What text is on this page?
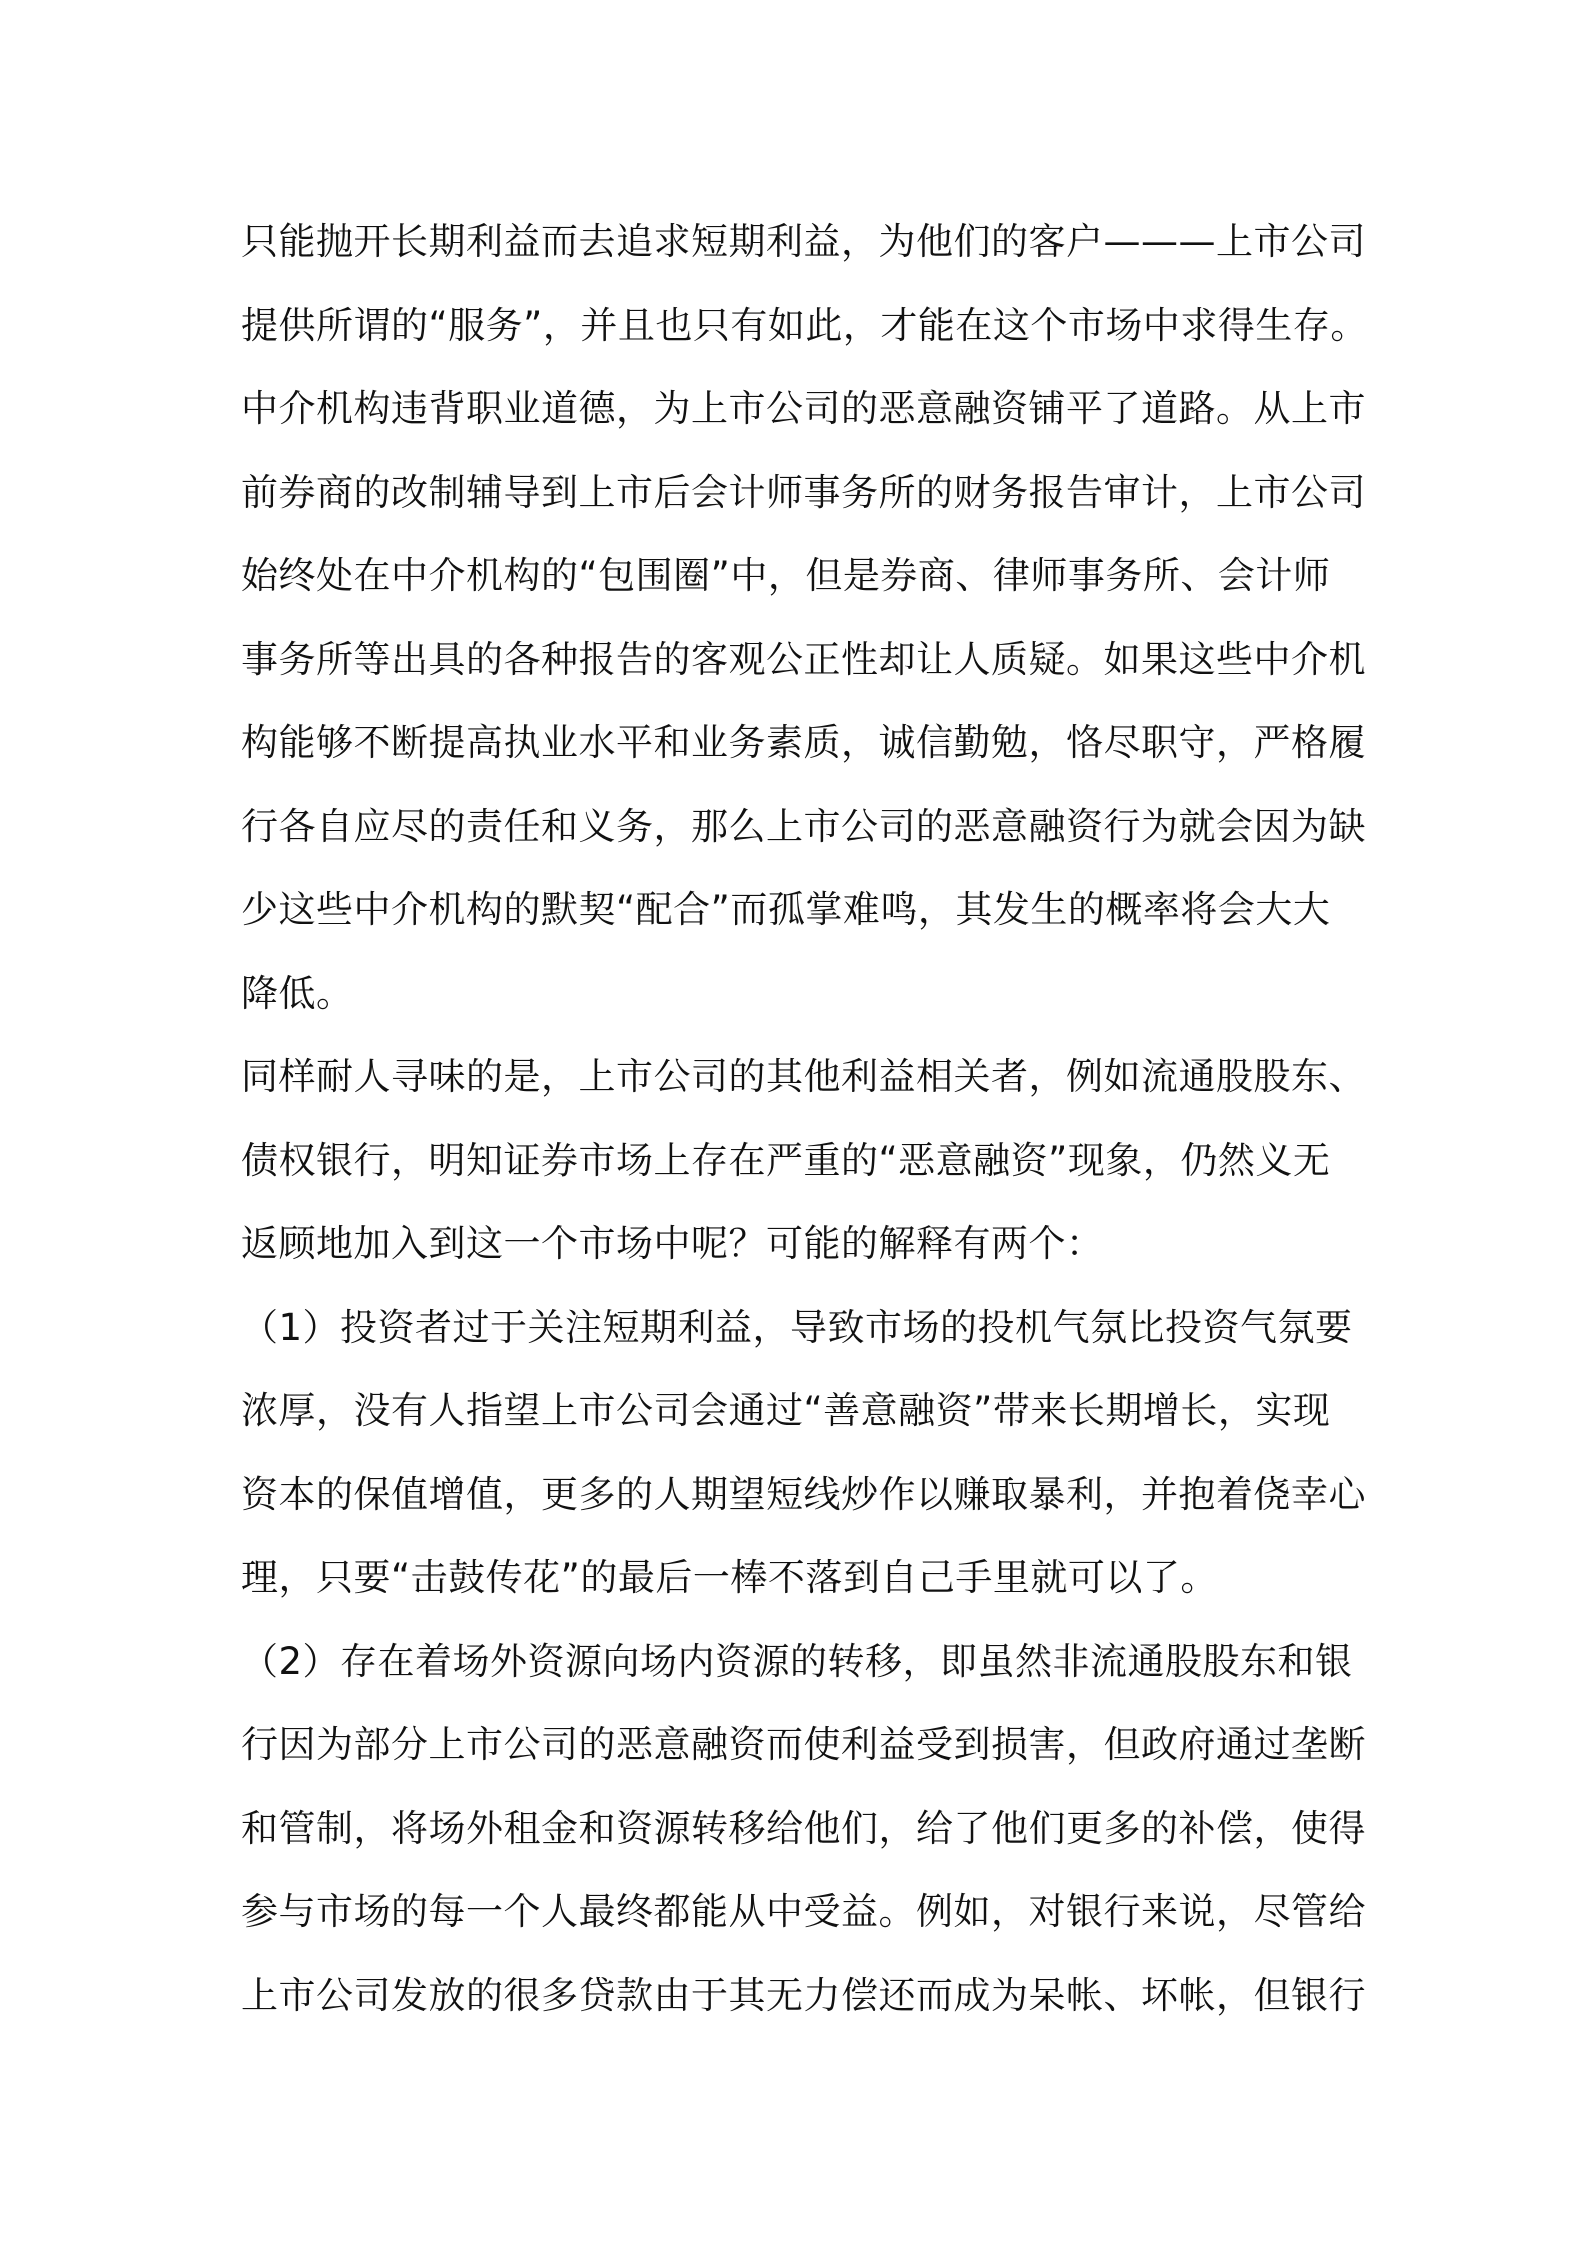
只能抛开长期利益而去追求短期利益，为他们的客户———上市公司
提供所谓的“服务”，并且也只有如此，才能在这个市场中求得生存。
中介机构违背职业道德，为上市公司的恶意融资铺平了道路。从上市
前券商的改制辅导到上市后会计师事务所的财务报告审计，上市公司
始终处在中介机构的“包围圈”中，但是券商、律师事务所、会计师
事务所等出具的各种报告的客观公正性却让人质疑。如果这些中介机
构能够不断提高执业水平和业务素质，诚信勤勉，恪尽职守，严格履
行各自应尽的责任和义务，那么上市公司的恶意融资行为就会因为缺
少这些中介机构的默契“配合”而孤掌难鸣，其发生的概率将会大大
降低。
同样耐人寻味的是，上市公司的其他利益相关者，例如流通股股东、
债权银行，明知证券市场上存在严重的“恶意融资”现象，仍然义无
返顾地加入到这一个市场中呢？可能的解释有两个：
（1）投资者过于关注短期利益，导致市场的投机气氛比投资气氛要
浓厚，没有人指望上市公司会通过“善意融资”带来长期增长，实现
资本的保值增值，更多的人期望短线炒作以赚取暴利，并抱着侥幸心
理，只要“击鼓传花”的最后一棒不落到自己手里就可以了。
（2）存在着场外资源向场内资源的转移，即虽然非流通股股东和银
行因为部分上市公司的恶意融资而使利益受到损害，但政府通过垄断
和管制，将场外租金和资源转移给他们，给了他们更多的补偿，使得
参与市场的每一个人最终都能从中受益。例如，对银行来说，尽管给
上市公司发放的很多贷款由于其无力偿还而成为呆帐、坏帐，但银行
